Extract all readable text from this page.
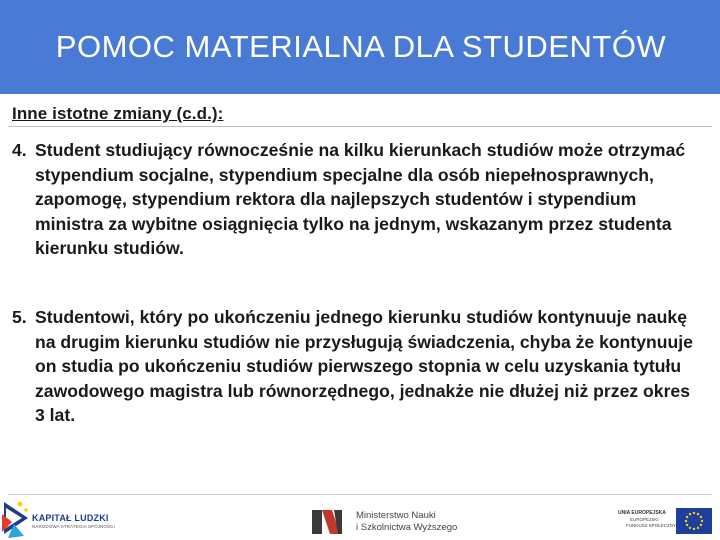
POMOC MATERIALNA DLA STUDENTÓW
Inne istotne zmiany (c.d.):
4. Student studiujący równocześnie na kilku kierunkach studiów może otrzymać stypendium socjalne, stypendium specjalne dla osób niepełnosprawnych, zapomogę, stypendium rektora dla najlepszych studentów i stypendium ministra za wybitne osiągnięcia tylko na jednym, wskazanym przez studenta kierunku studiów.
5. Studentowi, który po ukończeniu jednego kierunku studiów kontynuuje naukę na drugim kierunku studiów nie przysługują świadczenia, chyba że kontynuuje on studia po ukończeniu studiów pierwszego stopnia w celu uzyskania tytułu zawodowego magistra lub równorzędnego, jednakże nie dłużej niż przez okres 3 lat.
KAPITAŁ LUDZKI
NARODOWA STRATEGIA SPÓJNOŚCI
Ministerstwo Nauki
i Szkolnictwa Wyższego
UNIA EUROPEJSKA
EUROPEJSKI
FUNDUSZ SPOŁECZNY
